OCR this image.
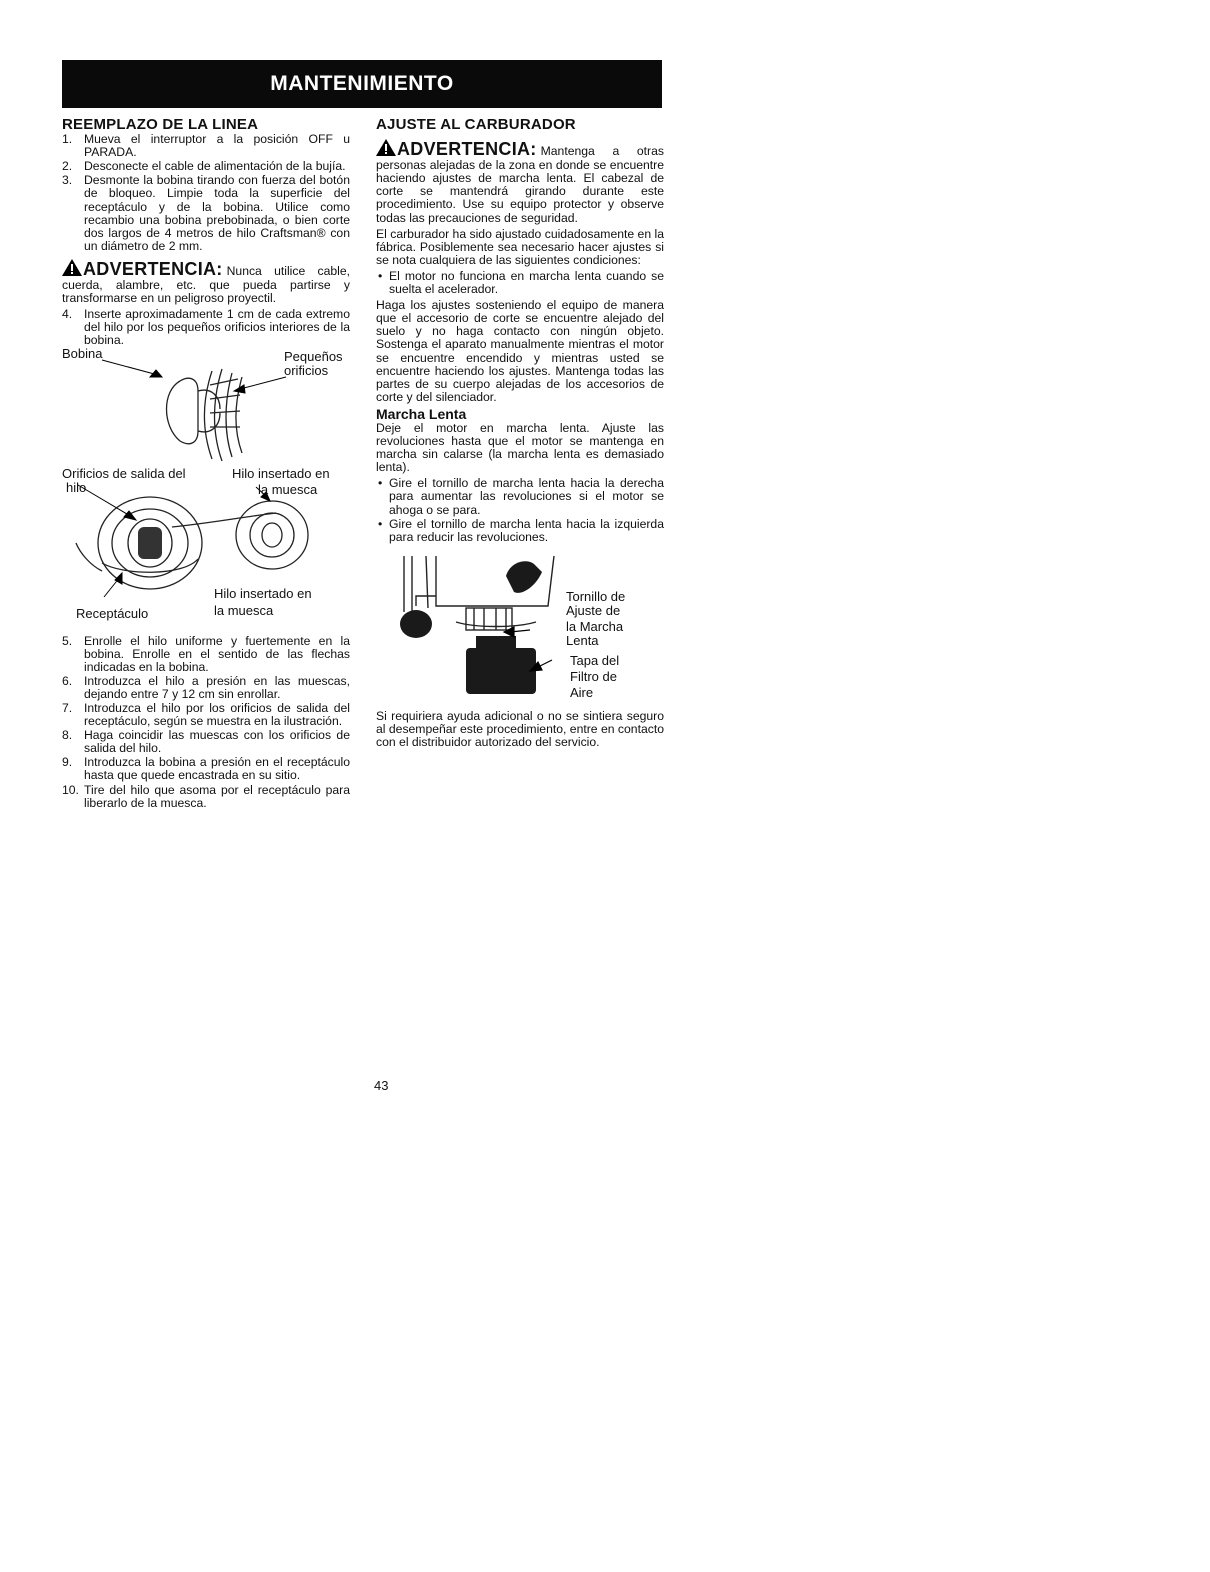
MANTENIMIENTO
REEMPLAZO DE LA LINEA
1. Mueva el interruptor a la posición OFF u PARADA.
2. Desconecte el cable de alimentación de la bujía.
3. Desmonte la bobina tirando con fuerza del botón de bloqueo. Limpie toda la superficie del receptáculo y de la bobina. Utilice como recambio una bobina prebobinada, o bien corte dos largos de 4 metros de hilo Craftsman® con un diámetro de 2 mm.

ADVERTENCIA: Nunca utilice cable, cuerda, alambre, etc. que pueda partirse y transformarse en un peligroso proyectil.

4. Inserte aproximadamente 1 cm de cada extremo del hilo por los pequeños orificios interiores de la bobina.
Bobina	Pequeños
orificios
Orificios de salida del
hilo
Hilo insertado en
la muesca
Hilo insertado en
la muesca
Receptáculo
5. Enrolle el hilo uniforme y fuertemente en la bobina. Enrolle en el sentido de las flechas indicadas en la bobina.
6. Introduzca el hilo a presión en las muescas, dejando entre 7 y 12 cm sin enrollar.
7. Introduzca el hilo por los orificios de salida del receptáculo, según se muestra en la ilustración.
8. Haga coincidir las muescas con los orificios de salida del hilo.
9. Introduzca la bobina a presión en el receptáculo hasta que quede encastrada en su sitio.
10. Tire del hilo que asoma por el receptáculo para liberarlo de la muesca.
AJUSTE AL CARBURADOR

ADVERTENCIA: Mantenga a otras personas alejadas de la zona en donde se encuentre haciendo ajustes de marcha lenta. El cabezal de corte se mantendrá girando durante este procedimiento. Use su equipo protector y observe todas las precauciones de seguridad.

El carburador ha sido ajustado cuidadosamente en la fábrica. Posiblemente sea necesario hacer ajustes si se nota cualquiera de las siguientes condiciones:

• El motor no funciona en marcha lenta cuando se suelta el acelerador.

Haga los ajustes sosteniendo el equipo de manera que el accesorio de corte se encuentre alejado del suelo y no haga contacto con ningún objeto. Sostenga el aparato manualmente mientras el motor se encuentre encendido y mientras usted se encuentre haciendo los ajustes. Mantenga todas las partes de su cuerpo alejadas de los accesorios de corte y del silenciador.

Marcha Lenta

Deje el motor en marcha lenta. Ajuste las revoluciones hasta que el motor se mantenga en marcha sin calarse (la marcha lenta es demasiado lenta).

• Gire el tornillo de marcha lenta hacia la derecha para aumentar las revoluciones si el motor se ahoga o se para.
• Gire el tornillo de marcha lenta hacia la izquierda para reducir las revoluciones.
Tornillo de
Ajuste de
la Marcha
Lenta
Tapa del
Filtro de
Aire

Si requiriera ayuda adicional o no se sintiera seguro al desempeñar este procedimiento, entre en contacto con el distribuidor autorizado del servicio.

43
